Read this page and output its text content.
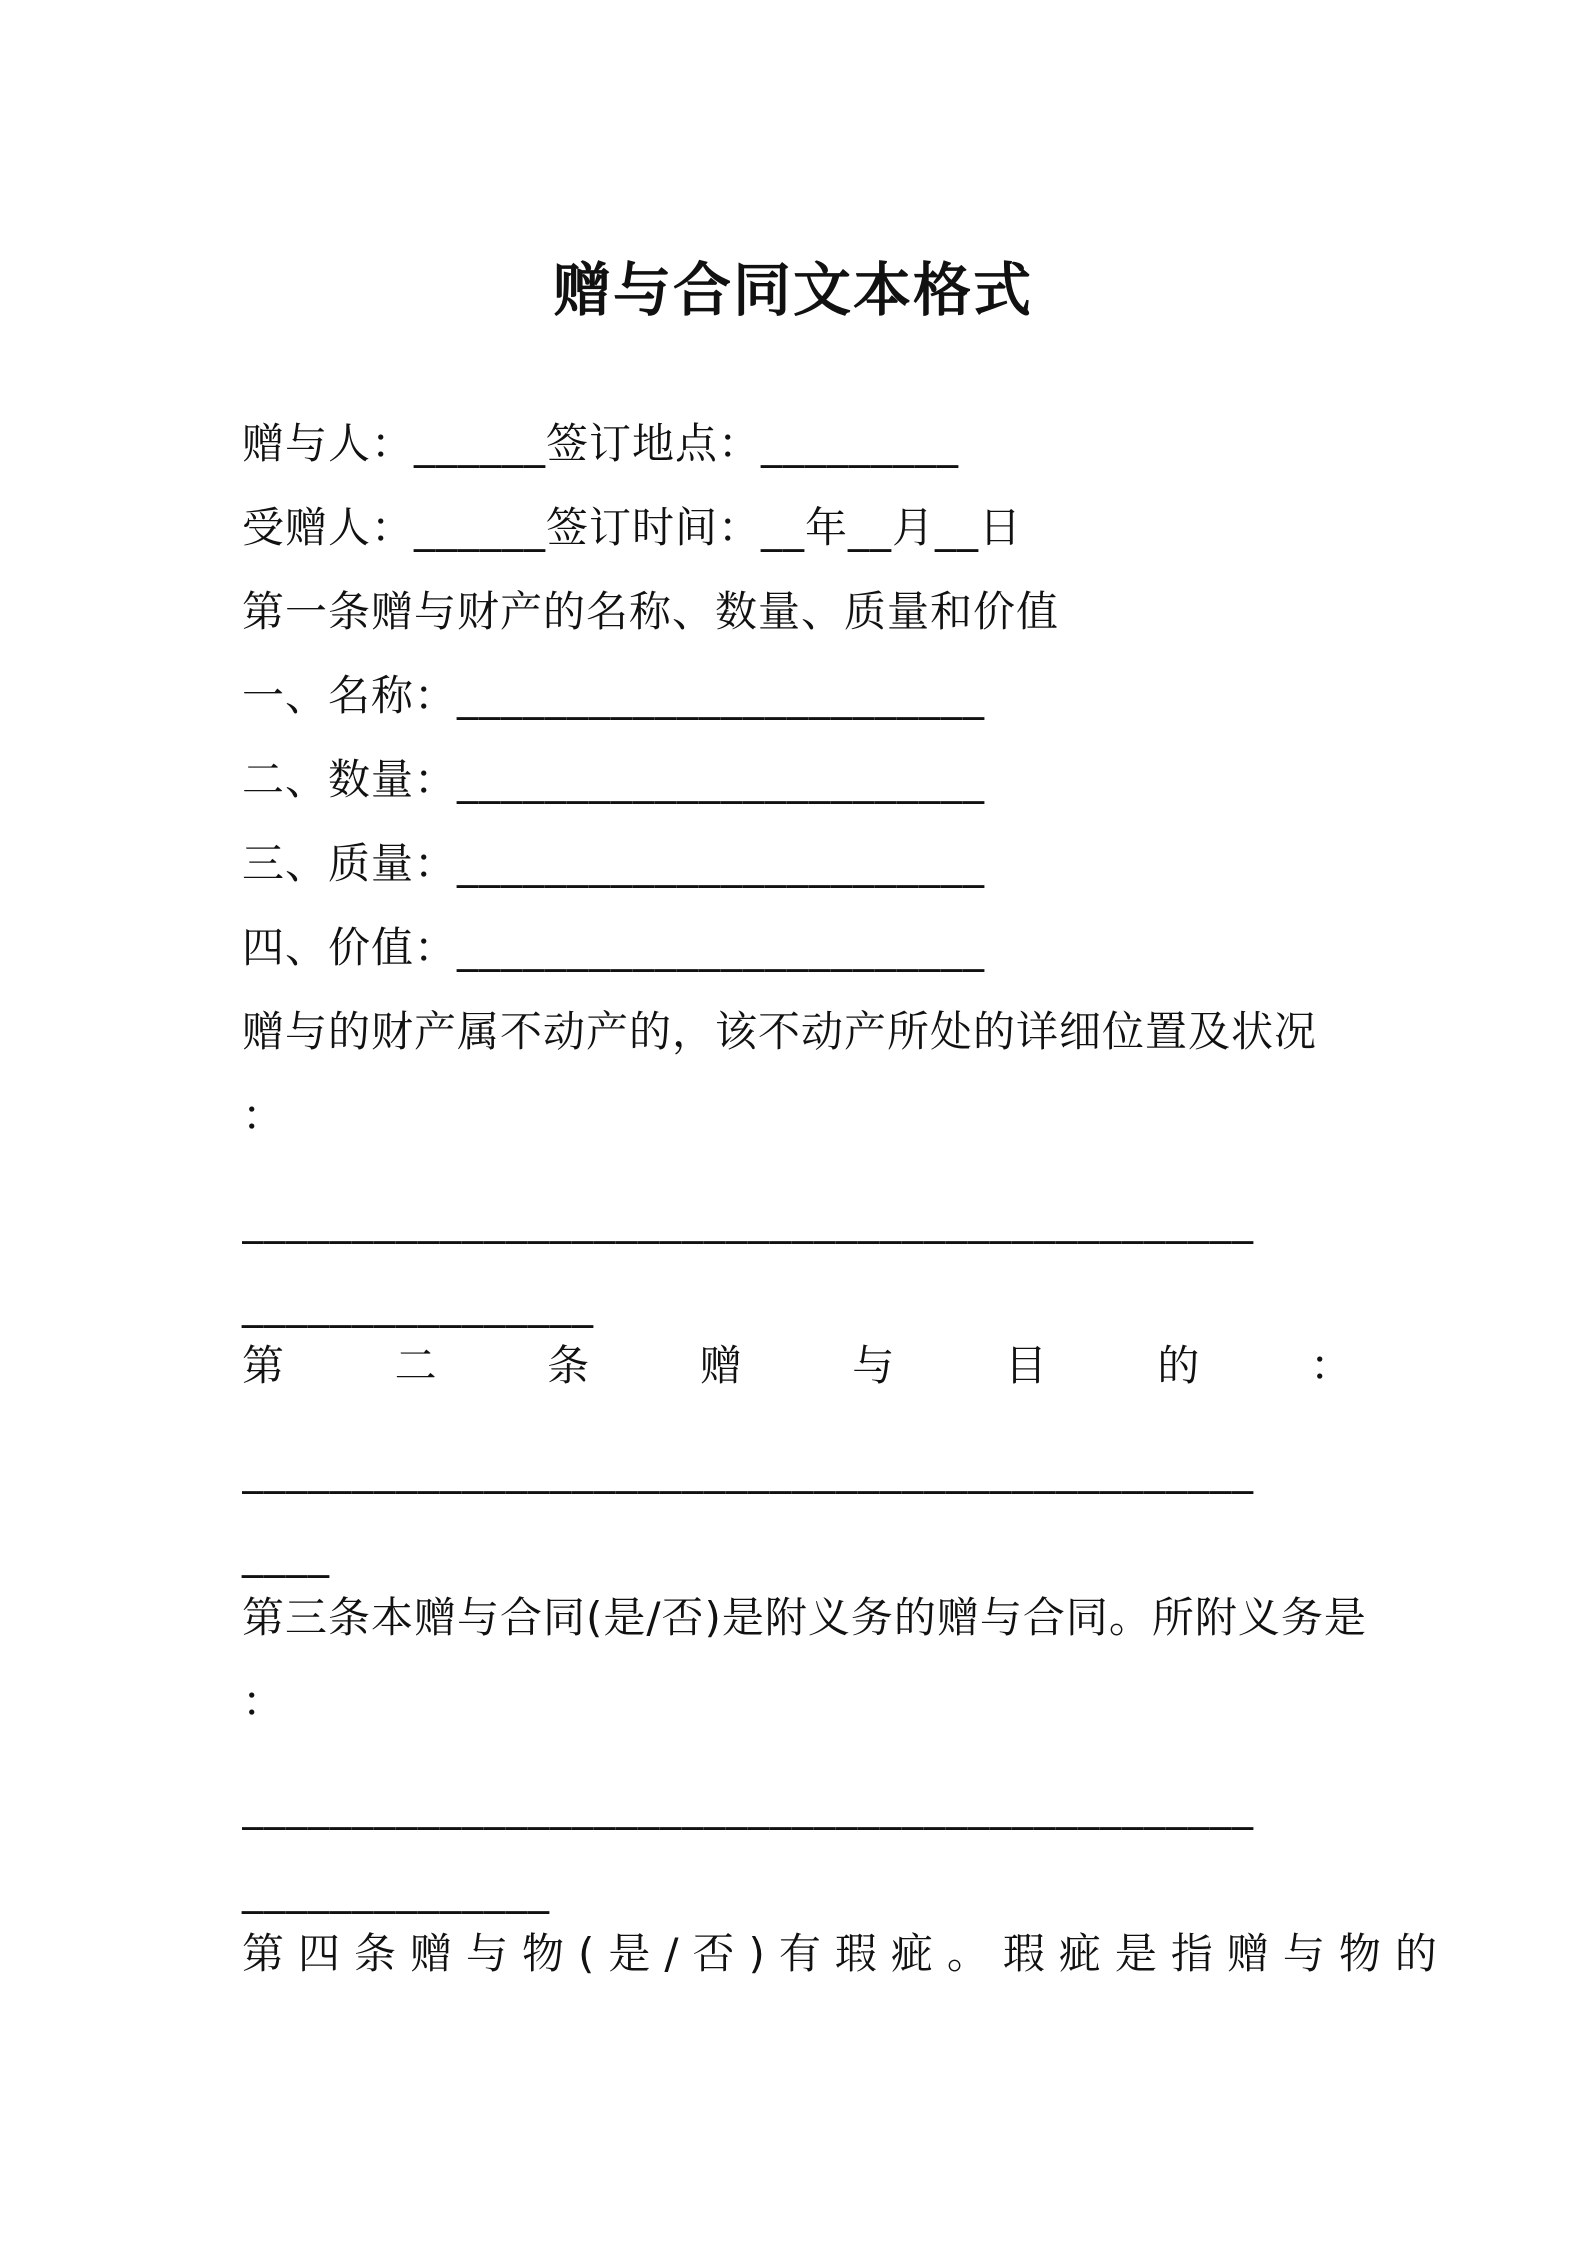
赠与合同文本格式
赠与人：______签订地点：_________
受赠人：______签订时间：__年__月__日
第一条赠与财产的名称、数量、质量和价值
一、名称：________________________
二、数量：________________________
三、质量：________________________
四、价值：________________________
赠与的财产属不动产的，该不动产所处的详细位置及状况
：
______________________________________________
________________
第	二	条	赠	与	目	的	：
______________________________________________
____
第三条本赠与合同(是/否)是附义务的赠与合同。所附义务是
：
______________________________________________
______________
第四条赠与物(是/否)有瑕疵。瑕疵是指赠与物的
